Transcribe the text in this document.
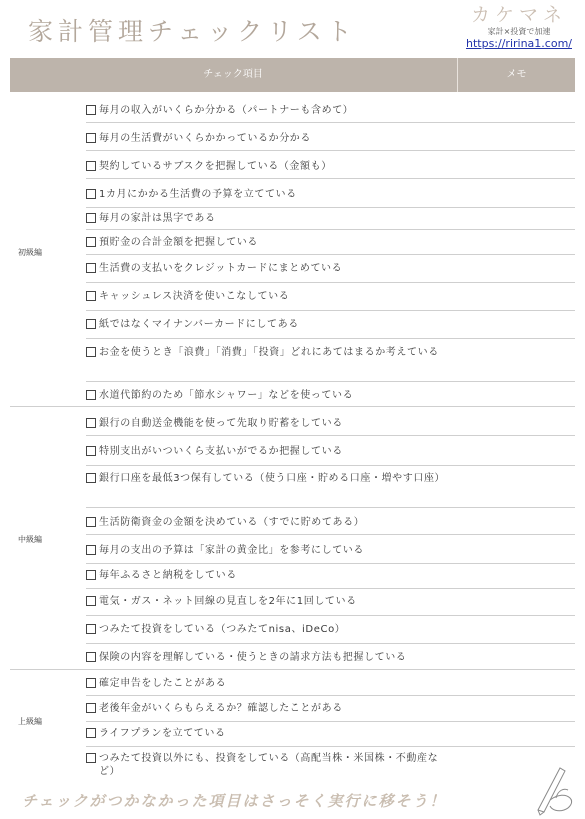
家計管理チェックリスト
カケマネ
家計×投資で加速
https://ririna1.com/
チェック項目	メモ
初級編
毎月の収入がいくらか分かる（パートナーも含めて）
毎月の生活費がいくらかかっているか分かる
契約しているサブスクを把握している（金額も）
1カ月にかかる生活費の予算を立てている
毎月の家計は黒字である
預貯金の合計金額を把握している
生活費の支払いをクレジットカードにまとめている
キャッシュレス決済を使いこなしている
紙ではなくマイナンバーカードにしてある
お金を使うとき「浪費」「消費」「投資」どれにあてはまるか考えている
水道代節約のため「節水シャワー」などを使っている
中級編
銀行の自動送金機能を使って先取り貯蓄をしている
特別支出がいついくら支払いがでるか把握している
銀行口座を最低3つ保有している（使う口座・貯める口座・増やす口座）
生活防衛資金の金額を決めている（すでに貯めてある）
毎月の支出の予算は「家計の黄金比」を参考にしている
毎年ふるさと納税をしている
電気・ガス・ネット回線の見直しを2年に1回している
つみたて投資をしている（つみたてnisa、iDeCo）
保険の内容を理解している・使うときの請求方法も把握している
上級編
確定申告をしたことがある
老後年金がいくらもらえるか？確認したことがある
ライフプランを立てている
つみたて投資以外にも、投資をしている（高配当株・米国株・不動産など）
チェックがつかなかった項目はさっそく実行に移そう！
